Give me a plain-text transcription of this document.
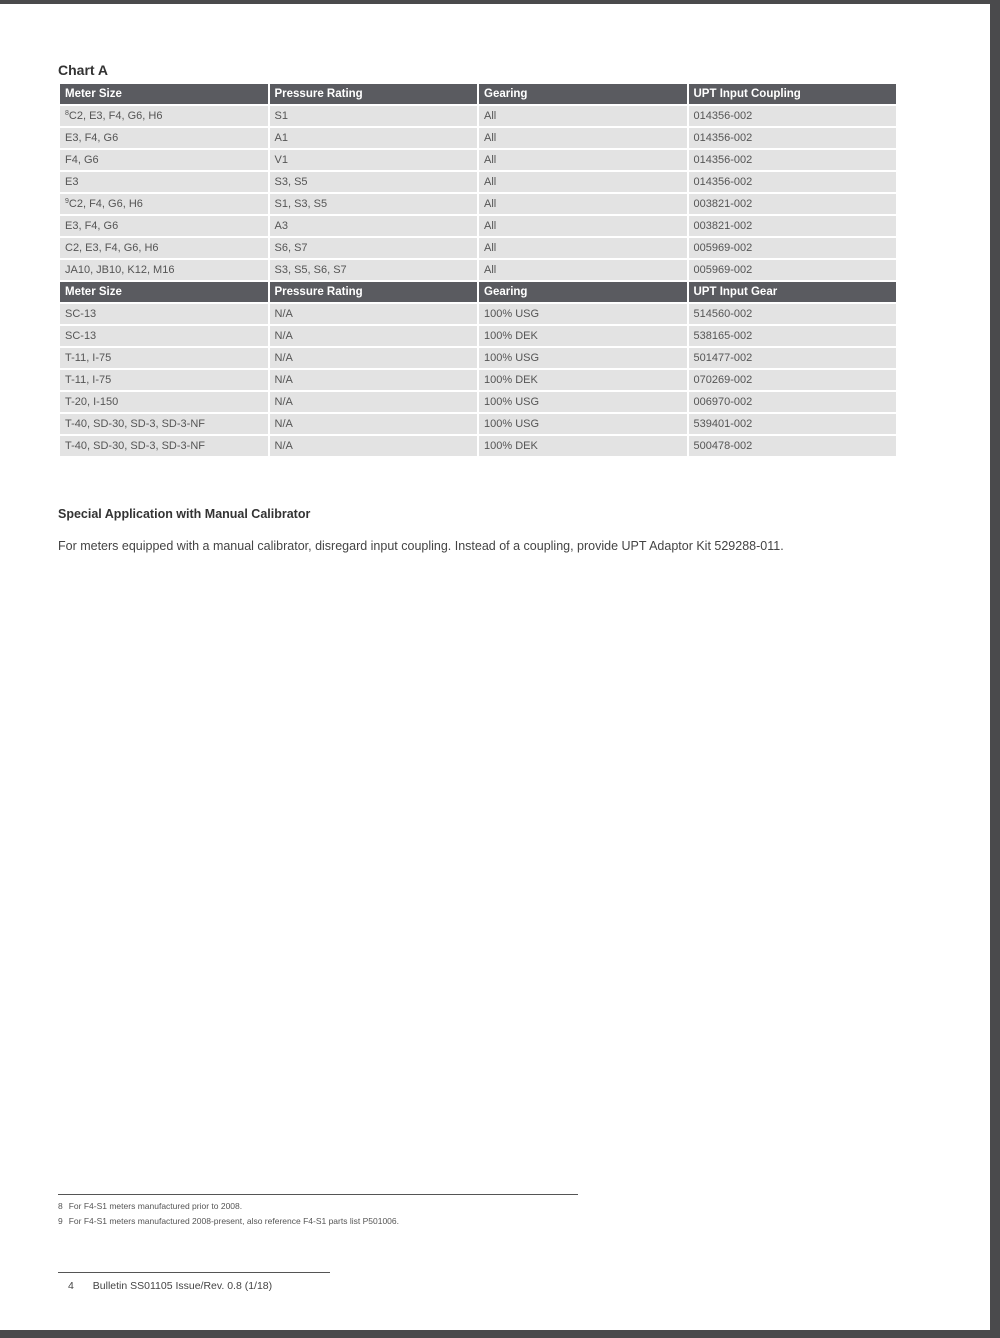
Chart A
Meter Size	Pressure Rating	Gearing	UPT Input Coupling
$^8$C2, E3, F4, G6, H6	S1	All	014356-002
E3, F4, G6	A1	All	014356-002
F4, G6	V1	All	014356-002
E3	S3, S5	All	014356-002
$^9$C2, F4, G6, H6	S1, S3, S5	All	003821-002
E3, F4, G6	A3	All	003821-002
C2, E3, F4, G6, H6	S6, S7	All	005969-002
JA10, JB10, K12, M16	S3, S5, S6, S7	All	005969-002
Meter Size	Pressure Rating	Gearing	UPT Input Gear
SC-13	N/A	100% USG	514560-002
SC-13	N/A	100% DEK	538165-002
T-11, I-75	N/A	100% USG	501477-002
T-11, I-75	N/A	100% DEK	070269-002
T-20, I-150	N/A	100% USG	006970-002
T-40, SD-30, SD-3, SD-3-NF	N/A	100% USG	539401-002
T-40, SD-30, SD-3, SD-3-NF	N/A	100% DEK	500478-002
Special Application with Manual Calibrator

For meters equipped with a manual calibrator, disregard input coupling. Instead of a coupling, provide UPT Adaptor Kit 529288-011.

8 For F4-S1 meters manufactured prior to 2008.
9 For F4-S1 meters manufactured 2008-present, also reference F4-S1 parts list P501006.
4 Bulletin SS01105 Issue/Rev. 0.8 (1/18)
